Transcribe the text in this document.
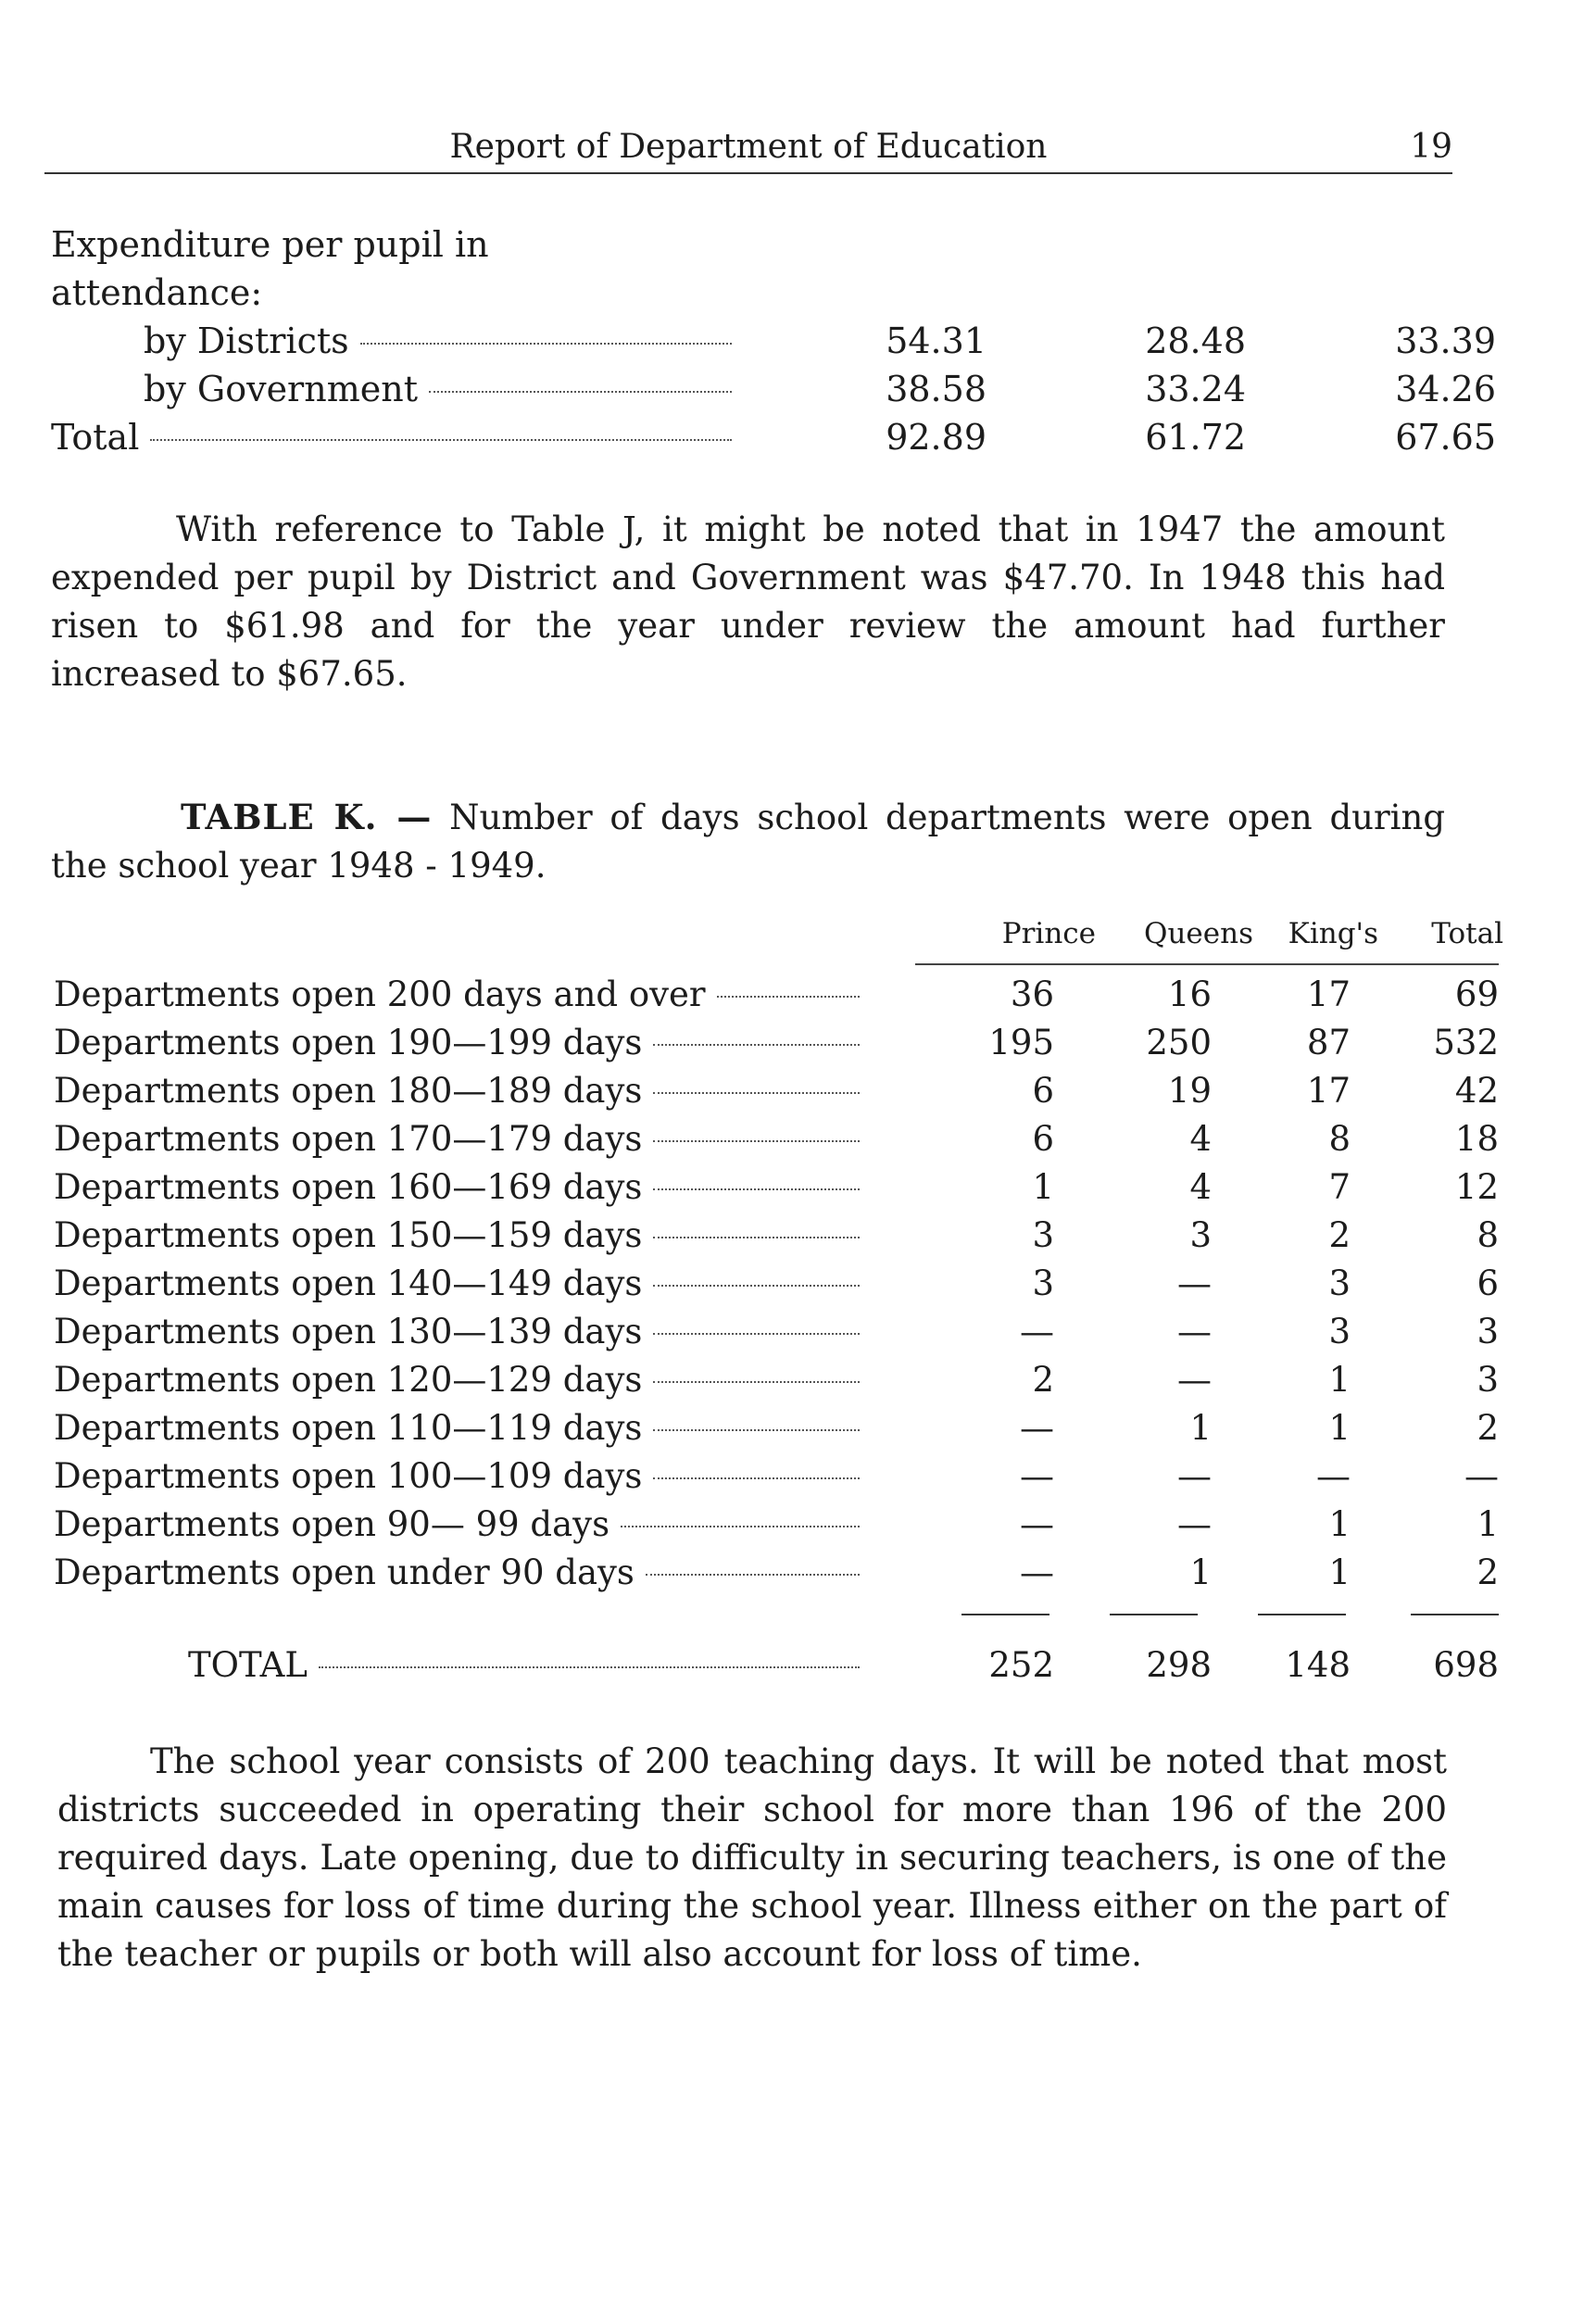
Report of Department of Education	19
Expenditure per pupil in
attendance:
by Districts	54.31	28.48	33.39
by Government	38.58	33.24	34.26
Total	92.89	61.72	67.65

With reference to Table J, it might be noted that in 1947 the amount expended per pupil by District and Government was $47.70. In 1948 this had risen to $61.98 and for the year under review the amount had further increased to $67.65.

TABLE K. — Number of days school departments were open during the school year 1948 - 1949.

Prince	Queens	King's	Total
Departments open 200 days and over	36	16	17	69
Departments open 190—199 days	195	250	87	532
Departments open 180—189 days	6	19	17	42
Departments open 170—179 days	6	4	8	18
Departments open 160—169 days	1	4	7	12
Departments open 150—159 days	3	3	2	8
Departments open 140—149 days	3	—	3	6
Departments open 130—139 days	—	—	3	3
Departments open 120—129 days	2	—	1	3
Departments open 110—119 days	—	1	1	2
Departments open 100—109 days	—	—	—	—
Departments open 90— 99 days	—	—	1	1
Departments open under 90 days	—	1	1	2
TOTAL	252	298	148	698

The school year consists of 200 teaching days. It will be noted that most districts succeeded in operating their school for more than 196 of the 200 required days. Late opening, due to difficulty in securing teachers, is one of the main causes for loss of time during the school year. Illness either on the part of the teacher or pupils or both will also account for loss of time.
